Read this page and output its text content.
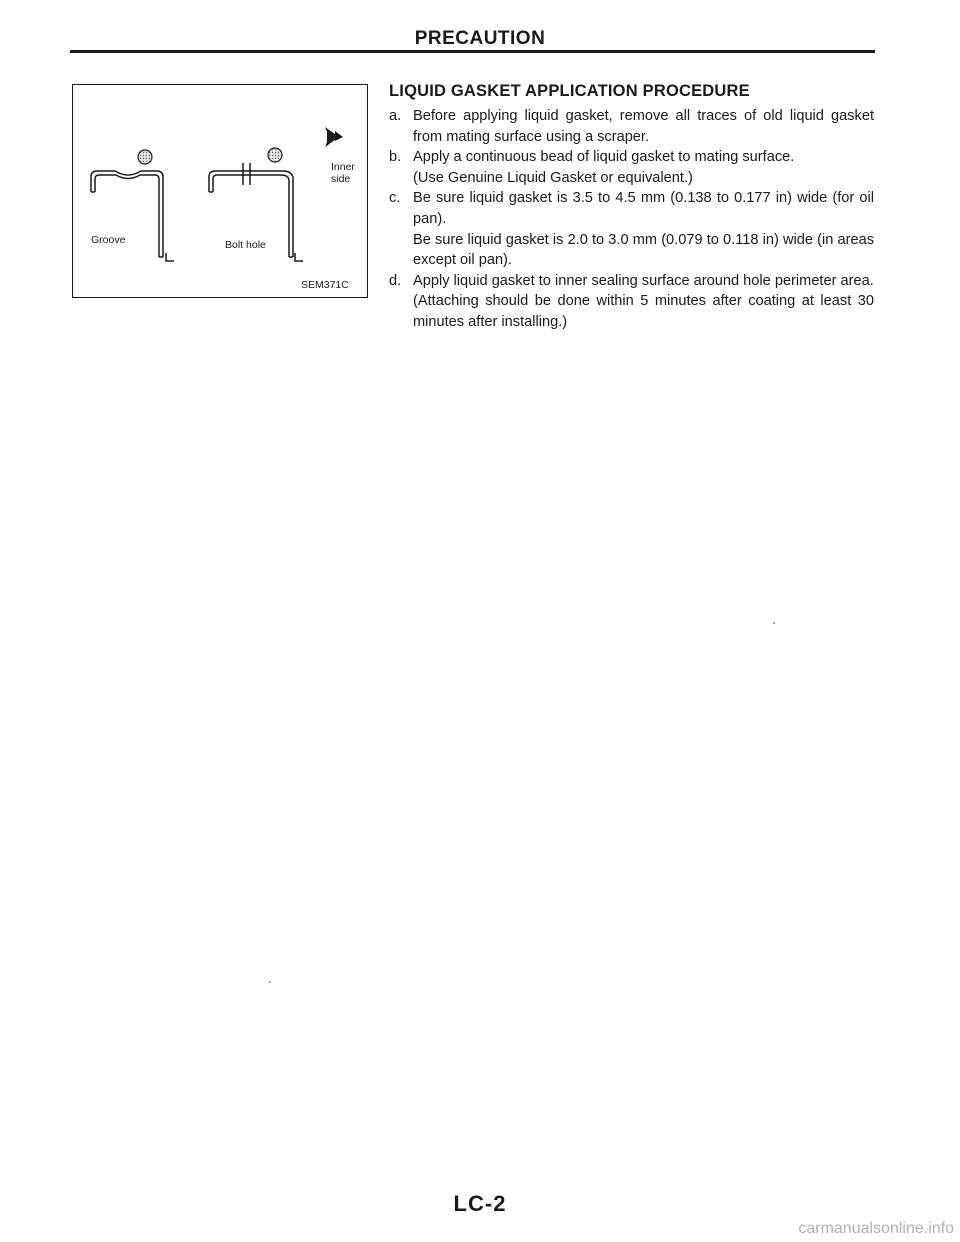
PRECAUTION
Inner
side
Groove	Bolt hole
SEM371C
LIQUID GASKET APPLICATION PROCEDURE
a. Before applying liquid gasket, remove all traces of old liquid gasket from mating surface using a scraper.
b. Apply a continuous bead of liquid gasket to mating surface.
(Use Genuine Liquid Gasket or equivalent.)
c. Be sure liquid gasket is 3.5 to 4.5 mm (0.138 to 0.177 in) wide (for oil pan).
Be sure liquid gasket is 2.0 to 3.0 mm (0.079 to 0.118 in) wide (in areas except oil pan).
d. Apply liquid gasket to inner sealing surface around hole perimeter area.
(Attaching should be done within 5 minutes after coating at least 30 minutes after installing.)
LC-2
carmanualsonline.info
